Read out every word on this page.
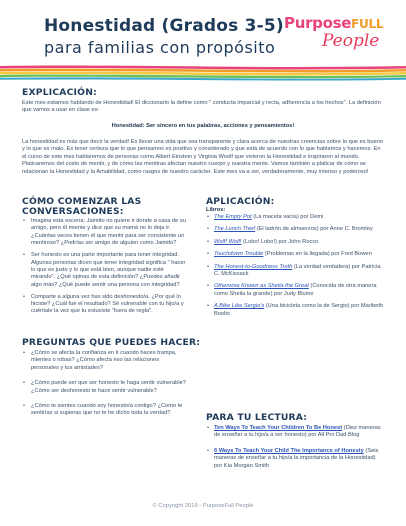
Honestidad (Grados 3-5)
para familias con propósito
PurposeFULL
People
EXPLICACIÓN:
Este mes estamos hablando de Honestidad! El diccionario la define como " conducta imparcial y recta, adherencia a los hechos". La definición que vamos a usar en clase es:
Honestidad: Ser sincero en tus palabras, acciones y pensamientos!
La honestidad es más que decir la verdad! Es llevar una vida que sea transparente y clara acerca de nuestras creencias sobre lo que es bueno y lo que es malo. Es tener certeza que lo que pensamos es positivo y considerado y que está de acuerdo con lo que hablamos y hacemos. En el curso de este mes hablaremos de personas como Albert Einstein y Virginia Woolf que vivieron la Honestidad e inspiraron al mundo. Platicaremos del costo de mentir, y de cómo las mentiras afectan nuestro cuerpo y nuestra mente. Vamos también a platicar de cómo se relacionan la Honestidad y la Amabilidad, como rasgos de nuestro carácter. Este mes va a ser, verdaderamente, muy intenso y poderoso!
CÓMO COMENZAR LAS
CONVERSACIONES:
• Imagina esta escena: Jaimito no quiere ir donde a casa de su amigo, pero él miente y dice que su mamá no lo deja ir. ¿Cuántas veces tienen él que mentir para ser consistente un mentiroso? ¿Podrías ser amigo de alguien como Jaimito?
• Ser honesto es una parte importante para tener integridad. Algunas personas dicen que tener integridad significa " hacer lo que es justo y lo que está bien, aunque nadie esté mirando". ¿Qué opinas de esta definición? ¿Puedes añadir algo más? ¿Qué puede sentir una persona con integridad?
• Comparte a alguna vez has sido deshonesto/a. ¿Por qué lo hiciste? ¿Cuál fue el resultado? Sé vulnerable con tu hijo/a y cuéntale la vez que tu estuviste "fuera de regla".
PREGUNTAS QUE PUEDES HACER:
• ¿Cómo se afecta la confianza en ti cuando haces trampa, mientes o robas? ¿Cómo afecta eso las relaciones personales y tus amistades?
• ¿Cómo puede ser que ser honesto te haga sentir vulnerable? ¿Cómo ser deshonesto te hace sentir vulnerable?
• ¿Cómo te sientes cuando soy honesto/a contigo? ¿Como te sentirías si supieras que no te he dicho toda la verdad?
APLICACIÓN:
Libros:
• The Empty Pot (La maceta vacía) por Demi
• The Lunch Thief (El ladrón de almuerzos) por Anne C. Bromley
• Wolf! Wolf! (Lobo! Lobo!) por John Rocco
• Touchdown Trouble (Problemas en la llegada) por Fred Bowen
• The Honest-to-Goodness Truth (La verdad verdadera) por Patricia C. McKissack
• Otherwise Known as Sheila the Great (Conocida de otra manera como Sheila la grande) por Judy Blume
• A Bike Like Sergio's (Una bicicleta como la de Sergio) por Maribeth Boelts
PARA TU LECTURA:
• Ten Ways To Teach Your Children To Be Honest (Diez maneras de enseñar a tu hijo/a a ser honesto) por All Pro Dad Blog
• 6 Ways To Teach Your Child The Importance of Honesty (Seis maneras de enseñar a tu hijo/a la importancia de la Honestidad) por Kia Morgan Smith
© Copyright 2019 - PurposeFull People
